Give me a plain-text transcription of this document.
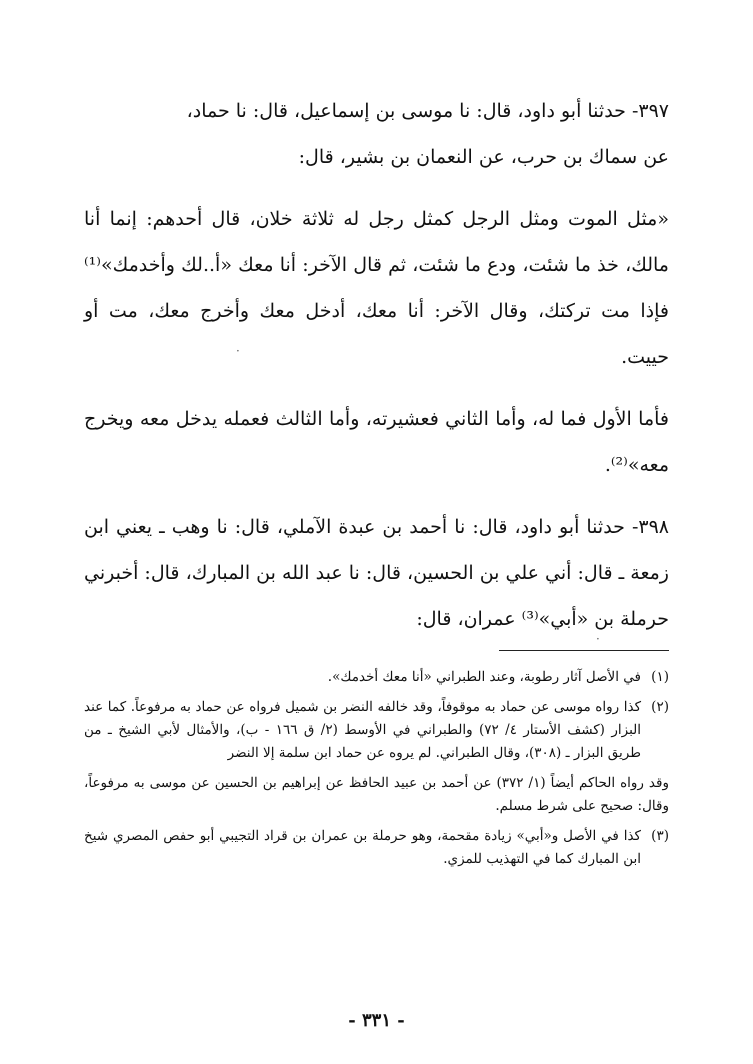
٣٩٧- حدثنا أبو داود، قال: نا موسى بن إسماعيل، قال: نا حماد،

عن سماك بن حرب، عن النعمان بن بشير، قال:

«مثل الموت ومثل الرجل كمثل رجل له ثلاثة خلان، قال أحدهم: إنما أنا مالك، خذ ما شئت، ودع ما شئت، ثم قال الآخر: أنا معك «أ..لك وأخدمك»⁽¹⁾ فإذا مت تركتك، وقال الآخر: أنا معك، أدخل معك وأخرج معك، مت أو حييت.

فأما الأول فما له، وأما الثاني فعشيرته، وأما الثالث فعمله يدخل معه ويخرج معه»⁽²⁾.

٣٩٨- حدثنا أبو داود، قال: نا أحمد بن عبدة الآملي، قال: نا وهب ـ يعني ابن زمعة ـ قال: أني علي بن الحسين، قال: نا عبد الله بن المبارك، قال: أخبرني حرملة بن «أبي»⁽³⁾ عمران، قال:

(١)
في الأصل آثار رطوبة، وعند الطبراني «أنا معك أخدمك».

(٢)
كذا رواه موسى عن حماد به موقوفاً، وقد خالفه النضر بن شميل فرواه عن حماد به مرفوعاً. كما عند البزار (كشف الأستار ٤/ ٧٢) والطبراني في الأوسط (٢/ ق ١٦٦ - ب)، والأمثال لأبي الشيخ ـ من طريق البزار ـ (٣٠٨)، وقال الطبراني. لم يروه عن حماد ابن سلمة إلا النضر

وقد رواه الحاكم أيضاً (١/ ٣٧٢) عن أحمد بن عبيد الحافظ عن إبراهيم بن الحسين عن موسى به مرفوعاً، وقال: صحيح على شرط مسلم.

(٣)
كذا في الأصل و«أبي» زيادة مقحمة، وهو حرملة بن عمران بن قراد التجيبي أبو حفص المصري شيخ ابن المبارك كما في التهذيب للمزي.

- ٣٣١ -
·
·
